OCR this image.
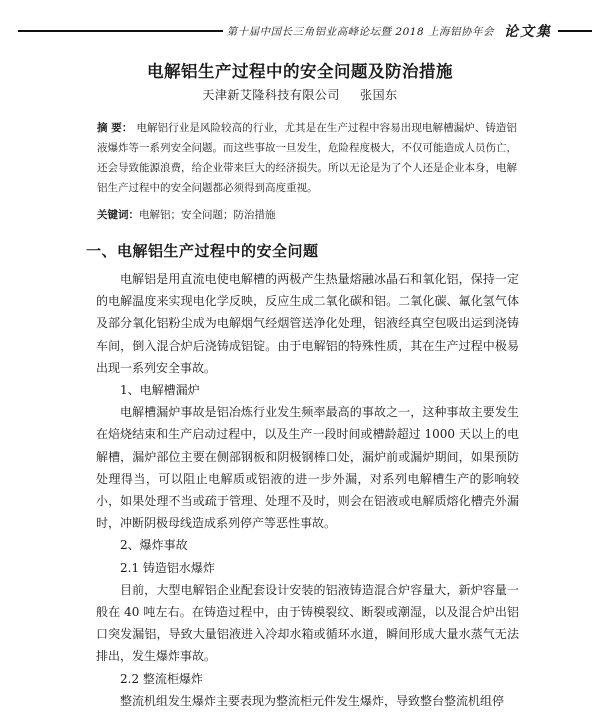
第十届中国长三角铝业高峰论坛暨 2018 上海铝协年会 论文集
电解铝生产过程中的安全问题及防治措施
天津新艾隆科技有限公司 张国东
摘 要： 电解铝行业是风险较高的行业，尤其是在生产过程中容易出现电解槽漏炉、铸造铝液爆炸等一系列安全问题。而这些事故一旦发生，危险程度极大，不仅可能造成人员伤亡，还会导致能源浪费，给企业带来巨大的经济损失。所以无论是为了个人还是企业本身，电解铝生产过程中的安全问题都必须得到高度重视。
关键词：电解铝；安全问题；防治措施
一、电解铝生产过程中的安全问题

电解铝是用直流电使电解槽的两极产生热量熔融冰晶石和氧化铝，保持一定的电解温度来实现电化学反映，反应生成二氧化碳和铝。二氧化碳、氟化氢气体及部分氧化铝粉尘成为电解烟气经烟管送净化处理，铝液经真空包吸出运到浇铸车间，倒入混合炉后浇铸成铝锭。由于电解铝的特殊性质，其在生产过程中极易出现一系列安全事故。

1、电解槽漏炉

电解槽漏炉事故是铝冶炼行业发生频率最高的事故之一，这种事故主要发生在焙烧结束和生产启动过程中，以及生产一段时间或槽龄超过 1000 天以上的电解槽，漏炉部位主要在侧部钢板和阴极钢棒口处，漏炉前或漏炉期间，如果预防处理得当，可以阻止电解质或铝液的进一步外漏，对系列电解槽生产的影响较小，如果处理不当或疏于管理、处理不及时，则会在铝液或电解质熔化槽壳外漏时，冲断阴极母线造成系列停产等恶性事故。

2、爆炸事故

2.1 铸造铝水爆炸

目前，大型电解铝企业配套设计安装的铝液铸造混合炉容量大，新炉容量一般在 40 吨左右。在铸造过程中，由于铸模裂纹、断裂或潮湿，以及混合炉出铝口突发漏铝，导致大量铝液进入冷却水箱或循环水道，瞬间形成大量水蒸气无法排出，发生爆炸事故。

2.2 整流柜爆炸

整流机组发生爆炸主要表现为整流柜元件发生爆炸，导致整台整流机组停
